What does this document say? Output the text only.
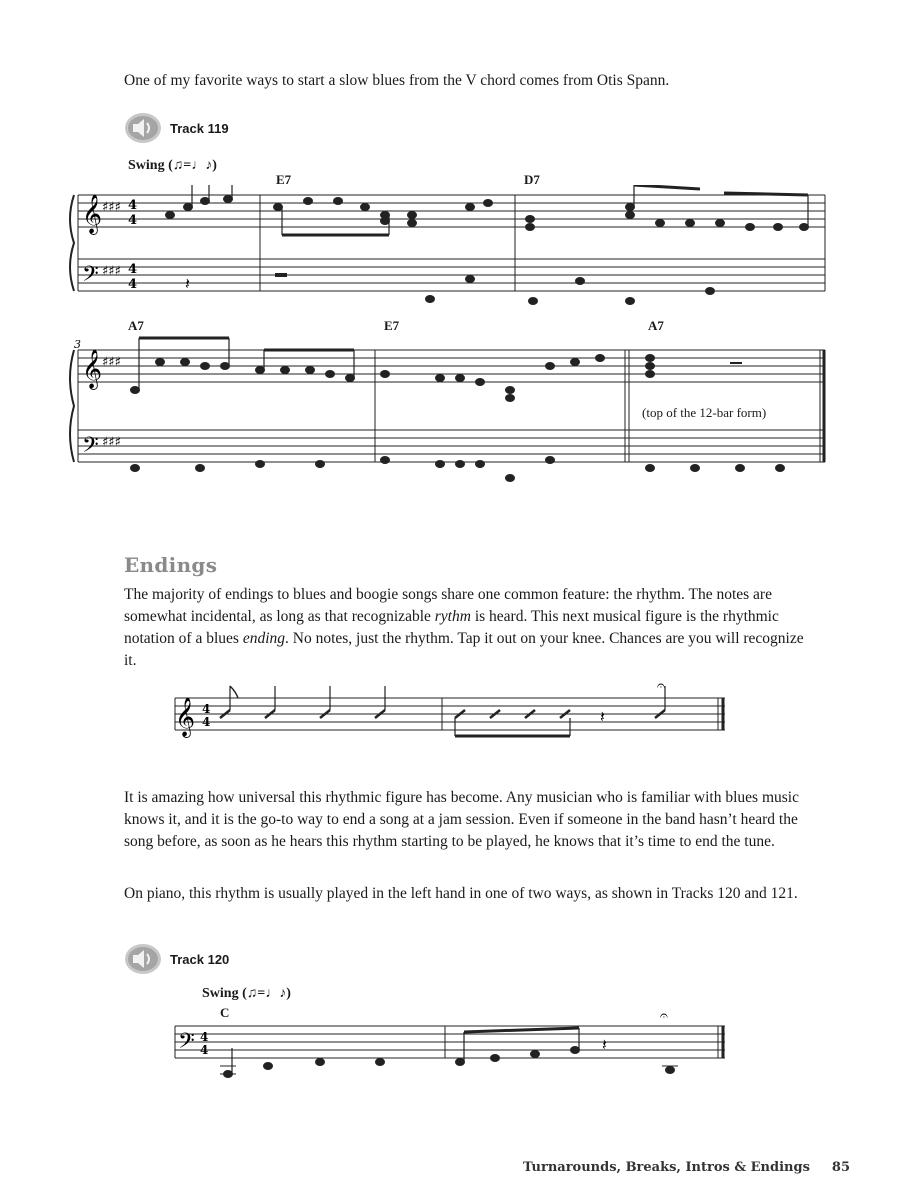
One of my favorite ways to start a slow blues from the V chord comes from Otis Spann.

Track 119
Swing (♫=♩♪)
E7	D7
A7	E7	A7
𝄞
𝄢
♯♯♯
♯♯♯
4
4
4
4	𝄽
3
𝄞
𝄢
♯♯♯
♯♯♯
(top of the 12-bar form)
Endings

The majority of endings to blues and boogie songs share one common feature: the rhythm. The notes are somewhat incidental, as long as that recognizable rythm is heard. This next musical figure is the rhythmic notation of a blues ending. No notes, just the rhythm. Tap it out on your knee. Chances are you will recognize it.

𝄞 4
4	𝄽
𝄐

It is amazing how universal this rhythmic figure has become. Any musician who is familiar with blues music knows it, and it is the go-to way to end a song at a jam session. Even if someone in the band hasn’t heard the song before, as soon as he hears this rhythm starting to be played, he knows that it’s time to end the tune.

On piano, this rhythm is usually played in the left hand in one of two ways, as shown in Tracks 120 and 121.

Track 120
Swing (♫=♩♪)
C
𝄢 4
4	𝄽
𝄐
Turnarounds, Breaks, Intros & Endings 85
